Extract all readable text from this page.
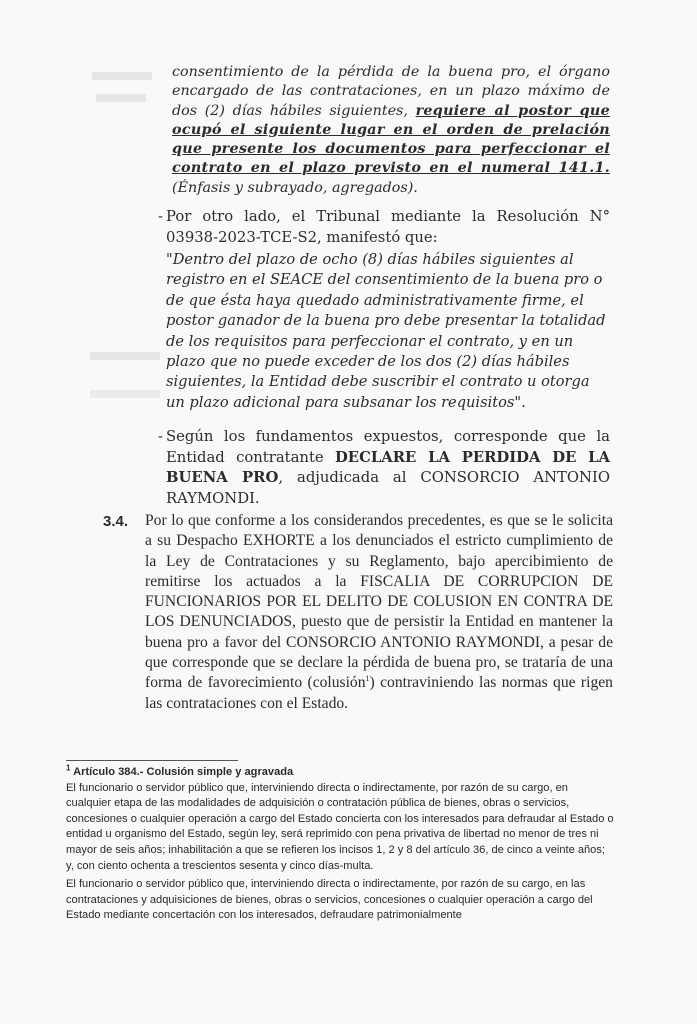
consentimiento de la pérdida de la buena pro, el órgano encargado de las contrataciones, en un plazo máximo de dos (2) días hábiles siguientes, requiere al postor que ocupó el siguiente lugar en el orden de prelación que presente los documentos para perfeccionar el contrato en el plazo previsto en el numeral 141.1. (Énfasis y subrayado, agregados).
- Por otro lado, el Tribunal mediante la Resolución N° 03938-2023-TCE-S2, manifestó que:
"Dentro del plazo de ocho (8) días hábiles siguientes al registro en el SEACE del consentimiento de la buena pro o de que ésta haya quedado administrativamente firme, el postor ganador de la buena pro debe presentar la totalidad de los requisitos para perfeccionar el contrato, y en un plazo que no puede exceder de los dos (2) días hábiles siguientes, la Entidad debe suscribir el contrato u otorga un plazo adicional para subsanar los requisitos".
- Según los fundamentos expuestos, corresponde que la Entidad contratante DECLARE LA PERDIDA DE LA BUENA PRO, adjudicada al CONSORCIO ANTONIO RAYMONDI.
3.4. Por lo que conforme a los considerandos precedentes, es que se le solicita a su Despacho EXHORTE a los denunciados el estricto cumplimiento de la Ley de Contrataciones y su Reglamento, bajo apercibimiento de remitirse los actuados a la FISCALIA DE CORRUPCION DE FUNCIONARIOS POR EL DELITO DE COLUSION EN CONTRA DE LOS DENUNCIADOS, puesto que de persistir la Entidad en mantener la buena pro a favor del CONSORCIO ANTONIO RAYMONDI, a pesar de que corresponde que se declare la pérdida de buena pro, se trataría de una forma de favorecimiento (colusión$^1$) contraviniendo las normas que rigen las contrataciones con el Estado.
$^1$ Artículo 384.- Colusión simple y agravada
El funcionario o servidor público que, interviniendo directa o indirectamente, por razón de su cargo, en cualquier etapa de las modalidades de adquisición o contratación pública de bienes, obras o servicios, concesiones o cualquier operación a cargo del Estado concierta con los interesados para defraudar al Estado o entidad u organismo del Estado, según ley, será reprimido con pena privativa de libertad no menor de tres ni mayor de seis años; inhabilitación a que se refieren los incisos 1, 2 y 8 del artículo 36, de cinco a veinte años; y, con ciento ochenta a trescientos sesenta y cinco días-multa.
El funcionario o servidor público que, interviniendo directa o indirectamente, por razón de su cargo, en las contrataciones y adquisiciones de bienes, obras o servicios, concesiones o cualquier operación a cargo del Estado mediante concertación con los interesados, defraudare patrimonialmente
